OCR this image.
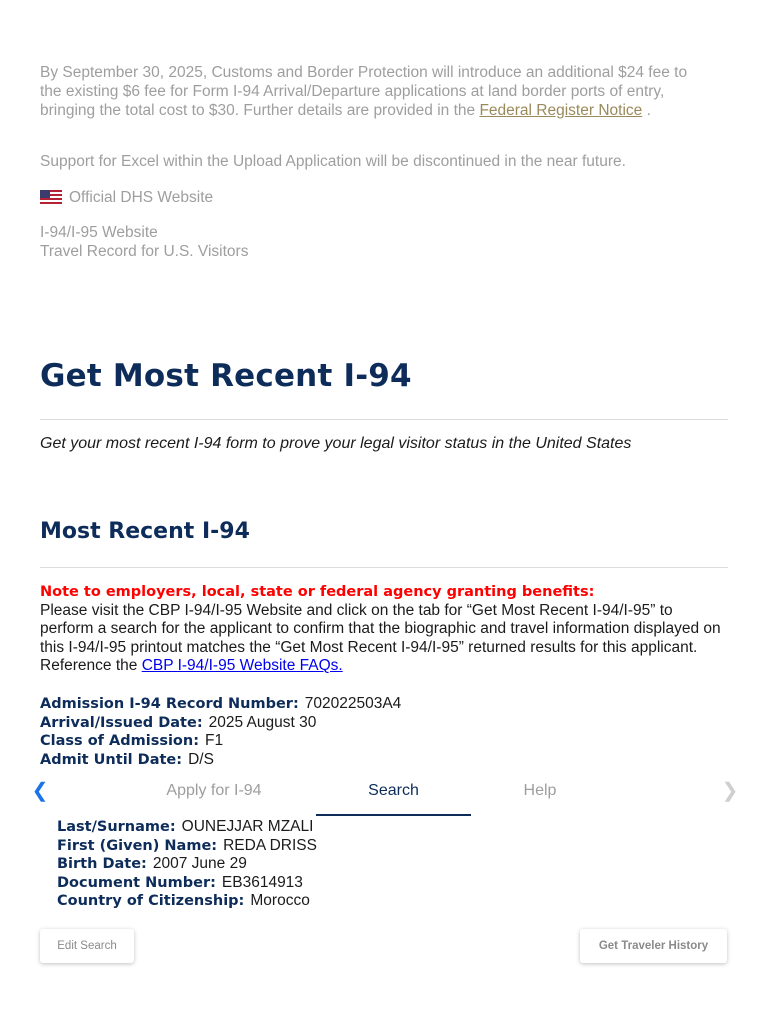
By September 30, 2025, Customs and Border Protection will introduce an additional $24 fee to the existing $6 fee for Form I-94 Arrival/Departure applications at land border ports of entry, bringing the total cost to $30. Further details are provided in the Federal Register Notice .

Support for Excel within the Upload Application will be discontinued in the near future.

Official DHS Website

I-94/I-95 Website
Travel Record for U.S. Visitors

Get Most Recent I-94

Get your most recent I-94 form to prove your legal visitor status in the United States

Most Recent I-94
Note to employers, local, state or federal agency granting benefits:
Please visit the CBP I-94/I-95 Website and click on the tab for “Get Most Recent I-94/I-95” to perform a search for the applicant to confirm that the biographic and travel information displayed on this I-94/I-95 printout matches the “Get Most Recent I-94/I-95” returned results for this applicant. Reference the CBP I-94/I-95 Website FAQs.
Admission I-94 Record Number: 702022503A4
Arrival/Issued Date: 2025 August 30
Class of Admission: F1
Admit Until Date: D/S
❮	Apply for I-94	Search	Help	❯
Last/Surname: OUNEJJAR MZALI
First (Given) Name: REDA DRISS
Birth Date: 2007 June 29
Document Number: EB3614913
Country of Citizenship: Morocco
Edit Search	Get Traveler History
